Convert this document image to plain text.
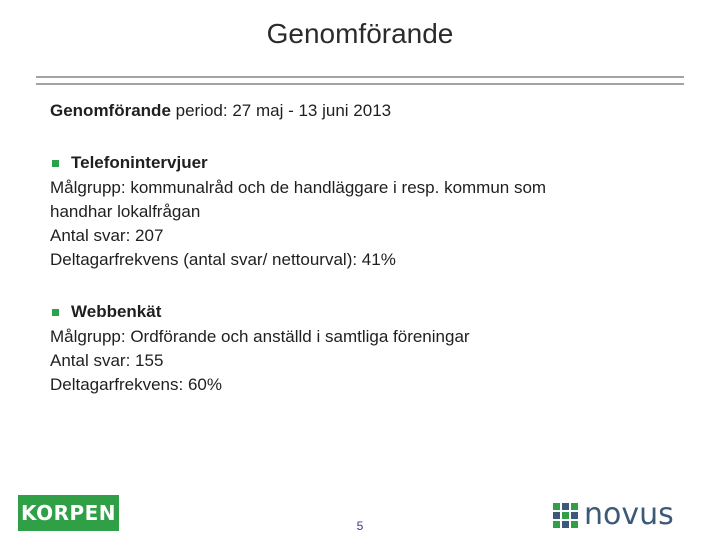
Genomförande
Genomförande period: 27 maj - 13 juni 2013
Telefonintervjuer
Målgrupp: kommunalråd och de handläggare i resp. kommun som
handhar lokalfrågan
Antal svar: 207
Deltagarfrekvens (antal svar/ nettourval): 41%
Webbenkät
Målgrupp: Ordförande och anställd i samtliga föreningar
Antal svar: 155
Deltagarfrekvens: 60%
KORPEN
5	novus
